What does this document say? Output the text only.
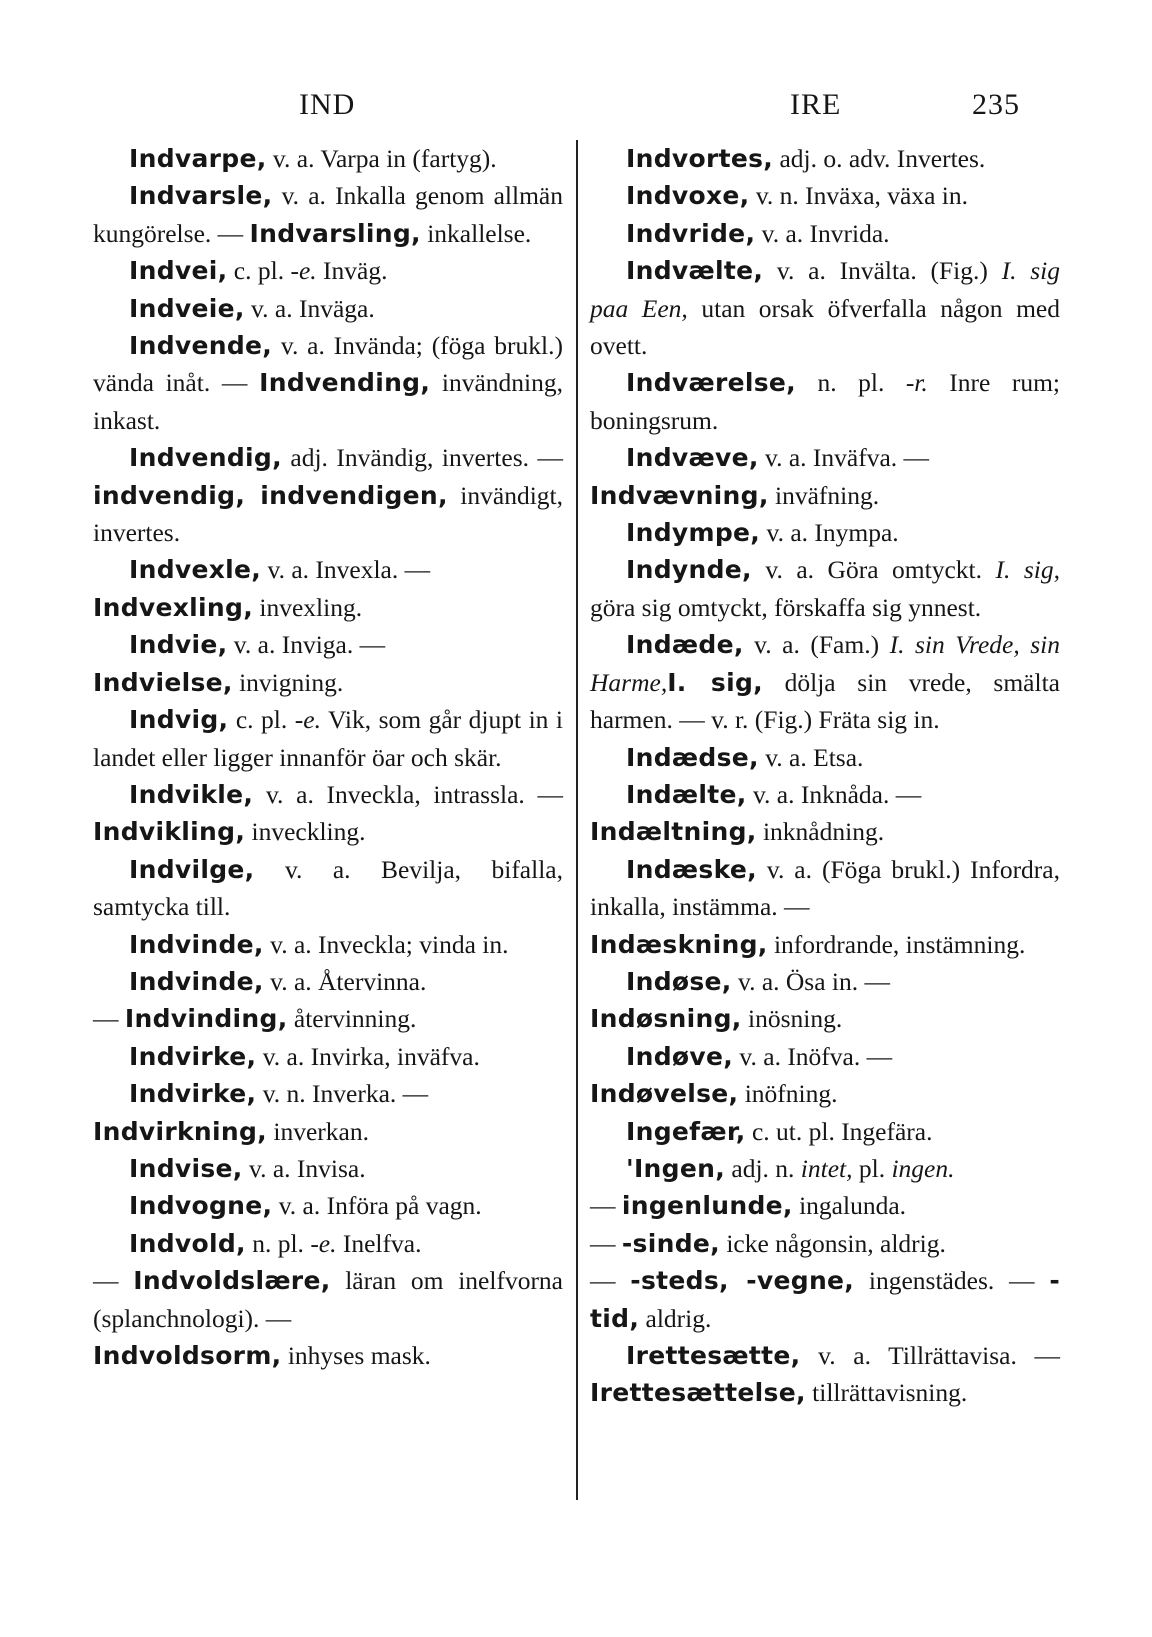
IND	IRE	235

Indvarpe, v. a. Varpa in (fartyg).

Indvarsle, v. a. Inkalla genom allmän kungörelse. — Indvarsling, inkallelse.

Indvei, c. pl. -e. Inväg.

Indveie, v. a. Inväga.

Indvende, v. a. Invända; (föga brukl.) vända inåt. — Indvending, invändning, inkast.

Indvendig, adj. Invändig, invertes. — indvendig, indvendigen, invändigt, invertes.

Indvexle, v. a. Invexla. —

Indvexling, invexling.

Indvie, v. a. Inviga. —

Indvielse, invigning.

Indvig, c. pl. -e. Vik, som går djupt in i landet eller ligger innanför öar och skär.

Indvikle, v. a. Inveckla, intrassla. — Indvikling, inveckling.

Indvilge, v. a. Bevilja, bifalla, samtycka till.

Indvinde, v. a. Inveckla; vinda in.

Indvinde, v. a. Återvinna.

— Indvinding, återvinning.

Indvirke, v. a. Invirka, inväfva.

Indvirke, v. n. Inverka. —

Indvirkning, inverkan.

Indvise, v. a. Invisa.

Indvogne, v. a. Införa på vagn.

Indvold, n. pl. -e. Inelfva.

— Indvoldslære, läran om inelfvorna (splanchnologi). —

Indvoldsorm, inhyses mask.

Indvortes, adj. o. adv. Invertes.

Indvoxe, v. n. Inväxa, växa in.

Indvride, v. a. Invrida.

Indvælte, v. a. Invälta. (Fig.) I. sig paa Een, utan orsak öfverfalla någon med ovett.

Indværelse, n. pl. -r. Inre rum; boningsrum.

Indvæve, v. a. Inväfva. —

Indvævning, inväfning.

Indympe, v. a. Inympa.

Indynde, v. a. Göra omtyckt. I. sig, göra sig omtyckt, förskaffa sig ynnest.

Indæde, v. a. (Fam.) I. sin Vrede, sin Harme,I. sig, dölja sin vrede, smälta harmen. — v. r. (Fig.) Fräta sig in.

Indædse, v. a. Etsa.

Indælte, v. a. Inknåda. —

Indæltning, inknådning.

Indæske, v. a. (Föga brukl.) Infordra, inkalla, instämma. —

Indæskning, infordrande, instämning.

Indøse, v. a. Ösa in. —

Indøsning, inösning.

Indøve, v. a. Inöfva. —

Indøvelse, inöfning.

Ingefær, c. ut. pl. Ingefära.

'Ingen, adj. n. intet, pl. ingen.

— ingenlunde, ingalunda.

— -sinde, icke någonsin, aldrig.

— -steds, -vegne, ingenstädes. — -tid, aldrig.

Irettesætte, v. a. Tillrättavisa. — Irettesættelse, tillrättavisning.
